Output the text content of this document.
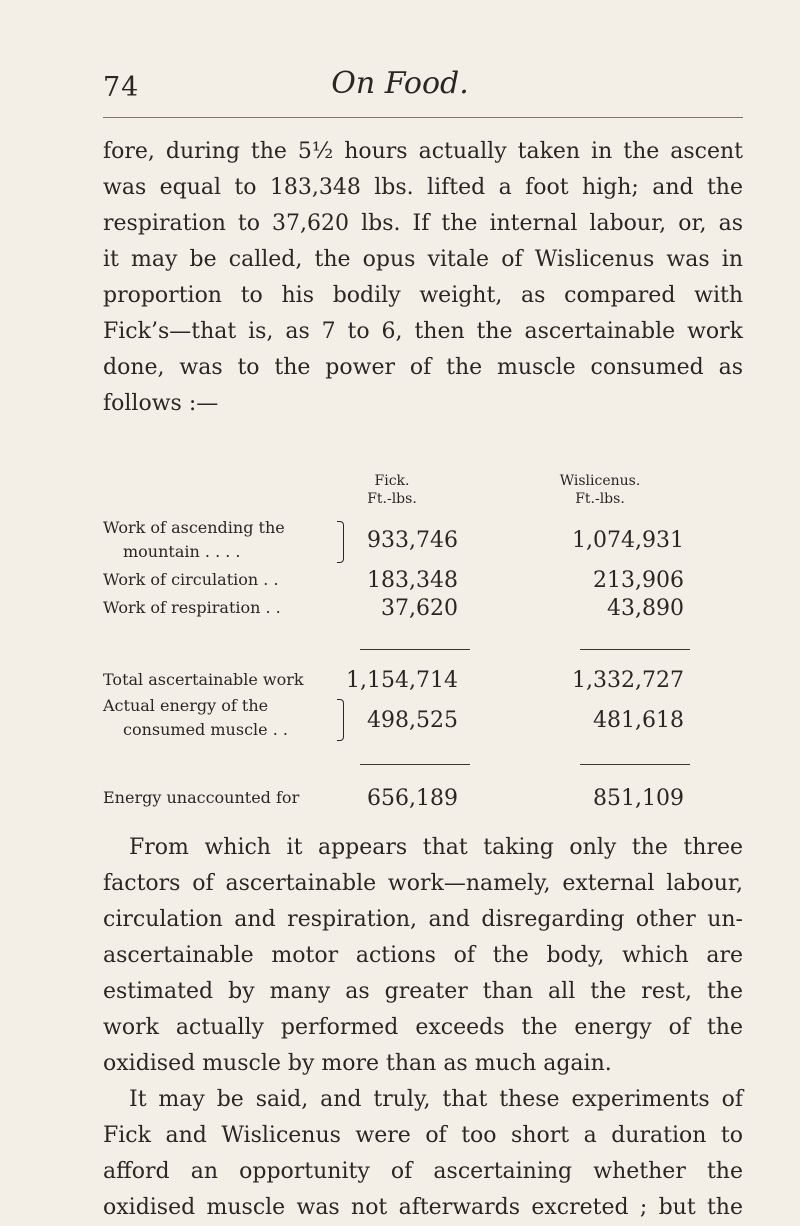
74	On Food.
fore, during the 5½ hours actually taken in the ascent
was equal to 183,348 lbs. lifted a foot high; and the
respiration to 37,620 lbs. If the internal labour, or, as
it may be called, the opus vitale of Wislicenus was in
proportion to his bodily weight, as compared with
Fick’s—that is, as 7 to 6, then the ascertainable work
done, was to the power of the muscle consumed as
follows :—
Fick.
Ft.-lbs.
Wislicenus.
Ft.-lbs.
Work of ascending the
mountain . . . .	933,746	1,074,931
Work of circulation . .	183,348	213,906
Work of respiration . .	37,620	43,890
Total ascertainable work	1,154,714	1,332,727
Actual energy of the
consumed muscle . .	498,525	481,618
Energy unaccounted for	656,189	851,109
From which it appears that taking only the three
factors of ascertainable work—namely, external labour,
circulation and respiration, and disregarding other un-
ascertainable motor actions of the body, which are
estimated by many as greater than all the rest, the
work actually performed exceeds the energy of the
oxidised muscle by more than as much again.
It may be said, and truly, that these experiments of
Fick and Wislicenus were of too short a duration to
afford an opportunity of ascertaining whether the
oxidised muscle was not afterwards excreted ; but the
